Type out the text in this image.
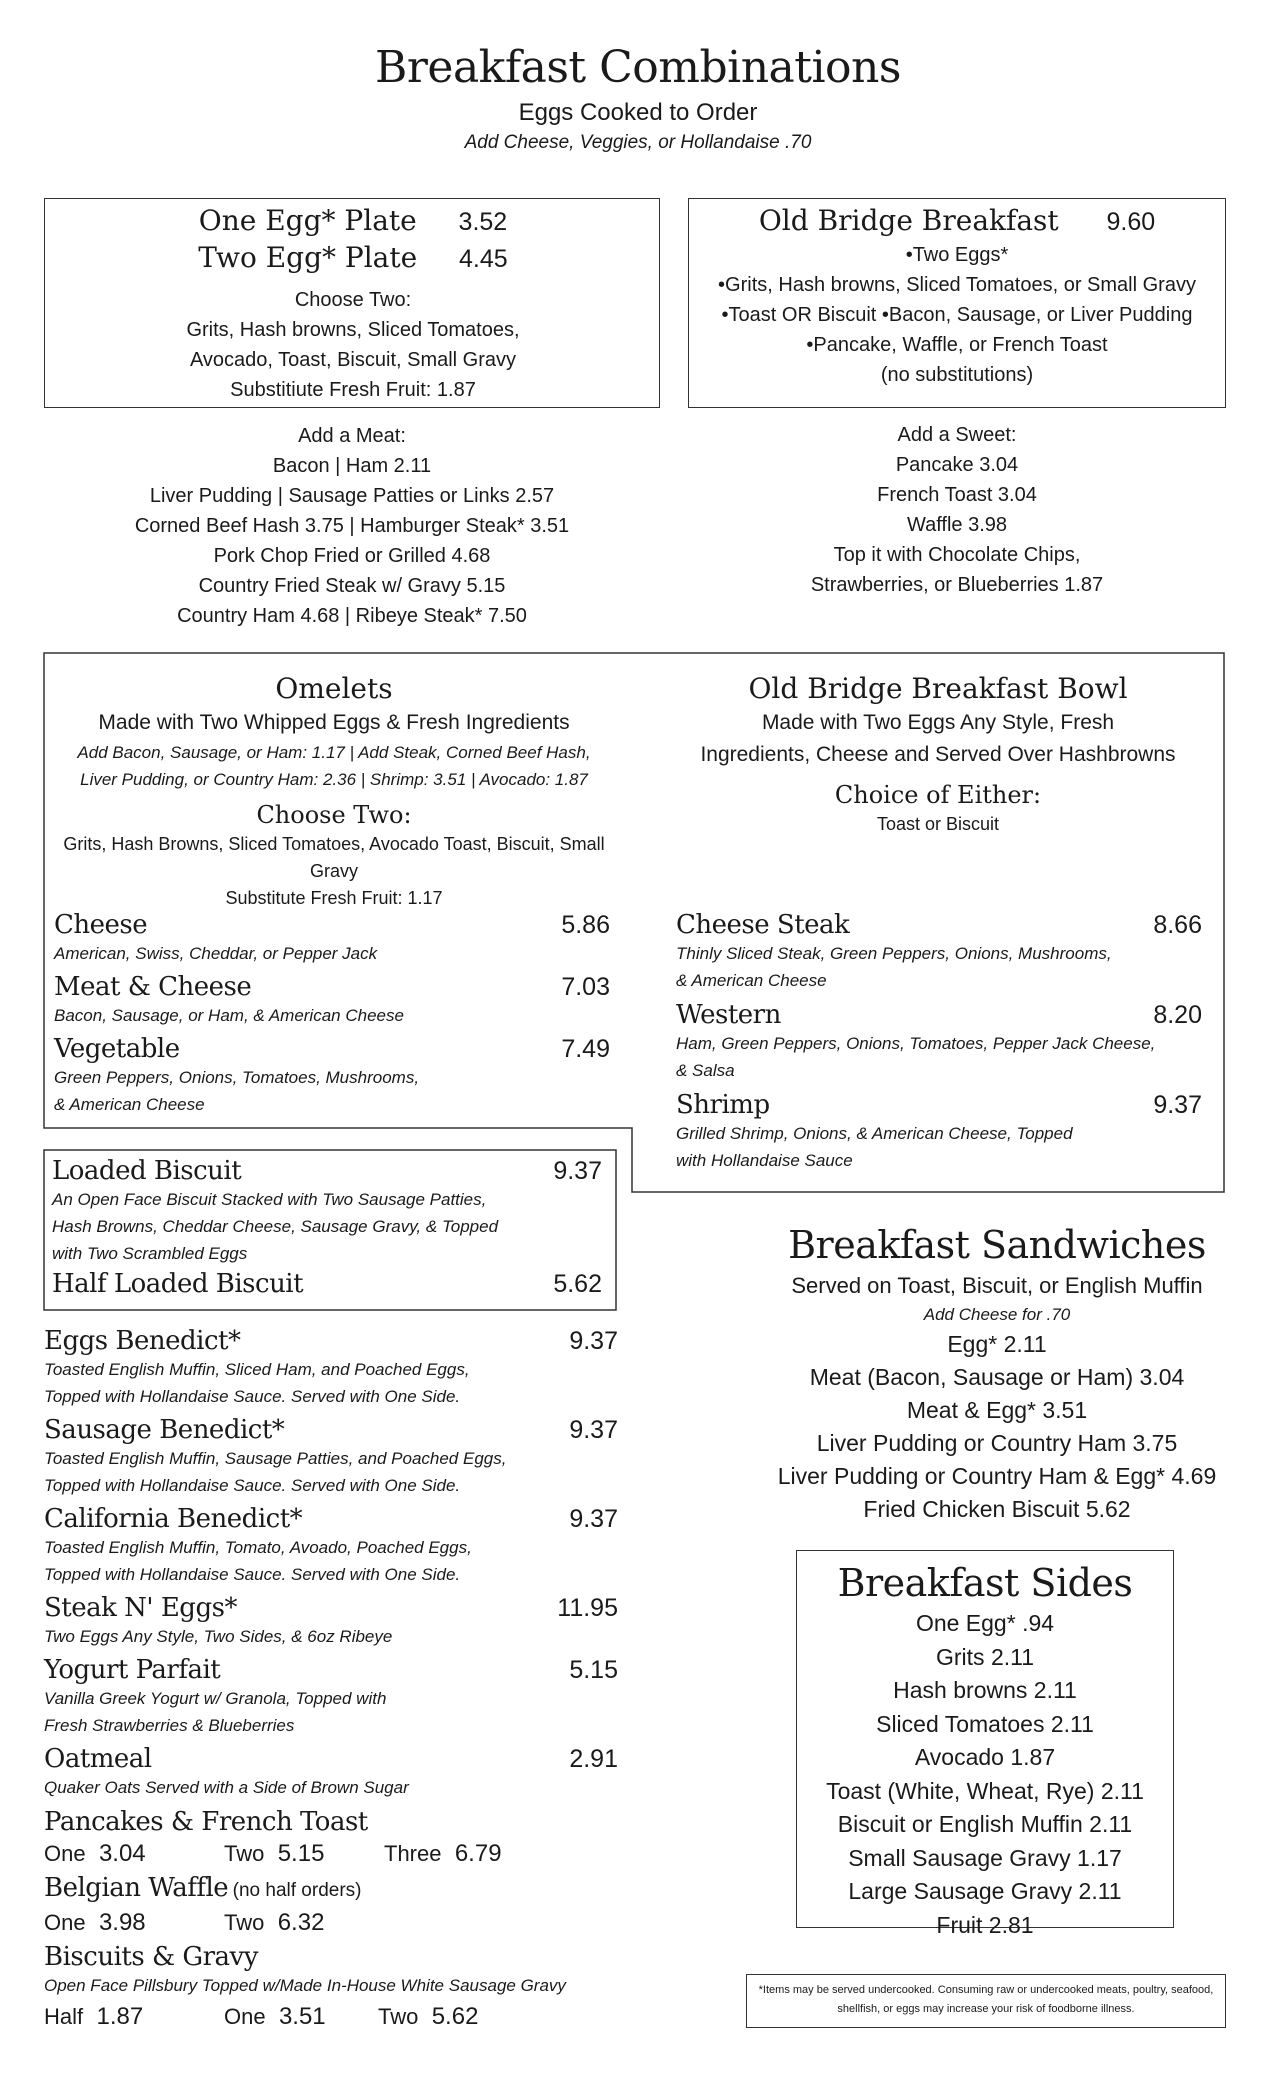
Breakfast Combinations
Eggs Cooked to Order
Add Cheese, Veggies, or Hollandaise .70
One Egg* Plate 3.52
Two Egg* Plate 4.45
Choose Two:
Grits, Hash browns, Sliced Tomatoes,
Avocado, Toast, Biscuit, Small Gravy
Substitiute Fresh Fruit: 1.87
Old Bridge Breakfast 9.60
•Two Eggs*
•Grits, Hash browns, Sliced Tomatoes, or Small Gravy
•Toast OR Biscuit •Bacon, Sausage, or Liver Pudding
•Pancake, Waffle, or French Toast
(no substitutions)
Add a Meat:
Bacon | Ham 2.11
Liver Pudding | Sausage Patties or Links 2.57
Corned Beef Hash 3.75 | Hamburger Steak* 3.51
Pork Chop Fried or Grilled 4.68
Country Fried Steak w/ Gravy 5.15
Country Ham 4.68 | Ribeye Steak* 7.50
Add a Sweet:
Pancake 3.04
French Toast 3.04
Waffle 3.98
Top it with Chocolate Chips,
Strawberries, or Blueberries 1.87
Omelets
Made with Two Whipped Eggs & Fresh Ingredients
Add Bacon, Sausage, or Ham: 1.17 | Add Steak, Corned Beef Hash,
Liver Pudding, or Country Ham: 2.36 | Shrimp: 3.51 | Avocado: 1.87
Choose Two:
Grits, Hash Browns, Sliced Tomatoes, Avocado Toast, Biscuit, Small Gravy
Substitute Fresh Fruit: 1.17
Cheese	5.86
American, Swiss, Cheddar, or Pepper Jack
Meat & Cheese	7.03
Bacon, Sausage, or Ham, & American Cheese
Vegetable	7.49
Green Peppers, Onions, Tomatoes, Mushrooms,
& American Cheese
Old Bridge Breakfast Bowl
Made with Two Eggs Any Style, Fresh
Ingredients, Cheese and Served Over Hashbrowns
Choice of Either:
Toast or Biscuit
Cheese Steak	8.66
Thinly Sliced Steak, Green Peppers, Onions, Mushrooms,
& American Cheese
Western	8.20
Ham, Green Peppers, Onions, Tomatoes, Pepper Jack Cheese,
& Salsa
Shrimp	9.37
Grilled Shrimp, Onions, & American Cheese, Topped
with Hollandaise Sauce
Loaded Biscuit	9.37
An Open Face Biscuit Stacked with Two Sausage Patties,
Hash Browns, Cheddar Cheese, Sausage Gravy, & Topped
with Two Scrambled Eggs
Half Loaded Biscuit	5.62
Eggs Benedict*	9.37
Toasted English Muffin, Sliced Ham, and Poached Eggs,
Topped with Hollandaise Sauce. Served with One Side.
Sausage Benedict*	9.37
Toasted English Muffin, Sausage Patties, and Poached Eggs,
Topped with Hollandaise Sauce. Served with One Side.
California Benedict*	9.37
Toasted English Muffin, Tomato, Avoado, Poached Eggs,
Topped with Hollandaise Sauce. Served with One Side.
Steak N' Eggs*	11.95
Two Eggs Any Style, Two Sides, & 6oz Ribeye
Yogurt Parfait	5.15
Vanilla Greek Yogurt w/ Granola, Topped with
Fresh Strawberries & Blueberries
Oatmeal	2.91
Quaker Oats Served with a Side of Brown Sugar
Pancakes & French Toast
One 3.04	Two 5.15	Three 6.79
Belgian Waffle (no half orders)
One 3.98	Two 6.32
Biscuits & Gravy
Open Face Pillsbury Topped w/Made In-House White Sausage Gravy
Half 1.87	One 3.51 Two 5.62
Breakfast Sandwiches
Served on Toast, Biscuit, or English Muffin
Add Cheese for .70
Egg* 2.11
Meat (Bacon, Sausage or Ham) 3.04
Meat & Egg* 3.51
Liver Pudding or Country Ham 3.75
Liver Pudding or Country Ham & Egg* 4.69
Fried Chicken Biscuit 5.62
Breakfast Sides
One Egg* .94
Grits 2.11
Hash browns 2.11
Sliced Tomatoes 2.11
Avocado 1.87
Toast (White, Wheat, Rye) 2.11
Biscuit or English Muffin 2.11
Small Sausage Gravy 1.17
Large Sausage Gravy 2.11
Fruit 2.81
*Items may be served undercooked. Consuming raw or undercooked meats, poultry, seafood,
shellfish, or eggs may increase your risk of foodborne illness.
